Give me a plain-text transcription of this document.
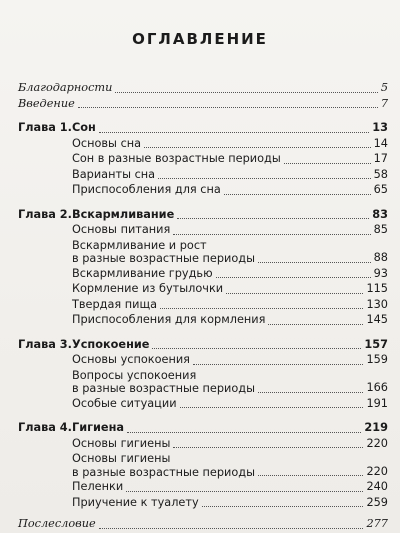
ОГЛАВЛЕНИЕ
Благодарности	5
Введение	7
Глава 1.Сон	13
Основы сна	14
Сон в разные возрастные периоды	17
Варианты сна	58
Приспособления для сна	65
Глава 2.Вскармливание	83
Основы питания	85
Вскармливание и рост
в разные возрастные периоды	88
Вскармливание грудью	93
Кормление из бутылочки	115
Твердая пища	130
Приспособления для кормления	145
Глава 3.Успокоение	157
Основы успокоения	159
Вопросы успокоения
в разные возрастные периоды	166
Особые ситуации	191
Глава 4.Гигиена	219
Основы гигиены	220
Основы гигиены
в разные возрастные периоды	220
Пеленки	240
Приучение к туалету	259
Послесловие	277
